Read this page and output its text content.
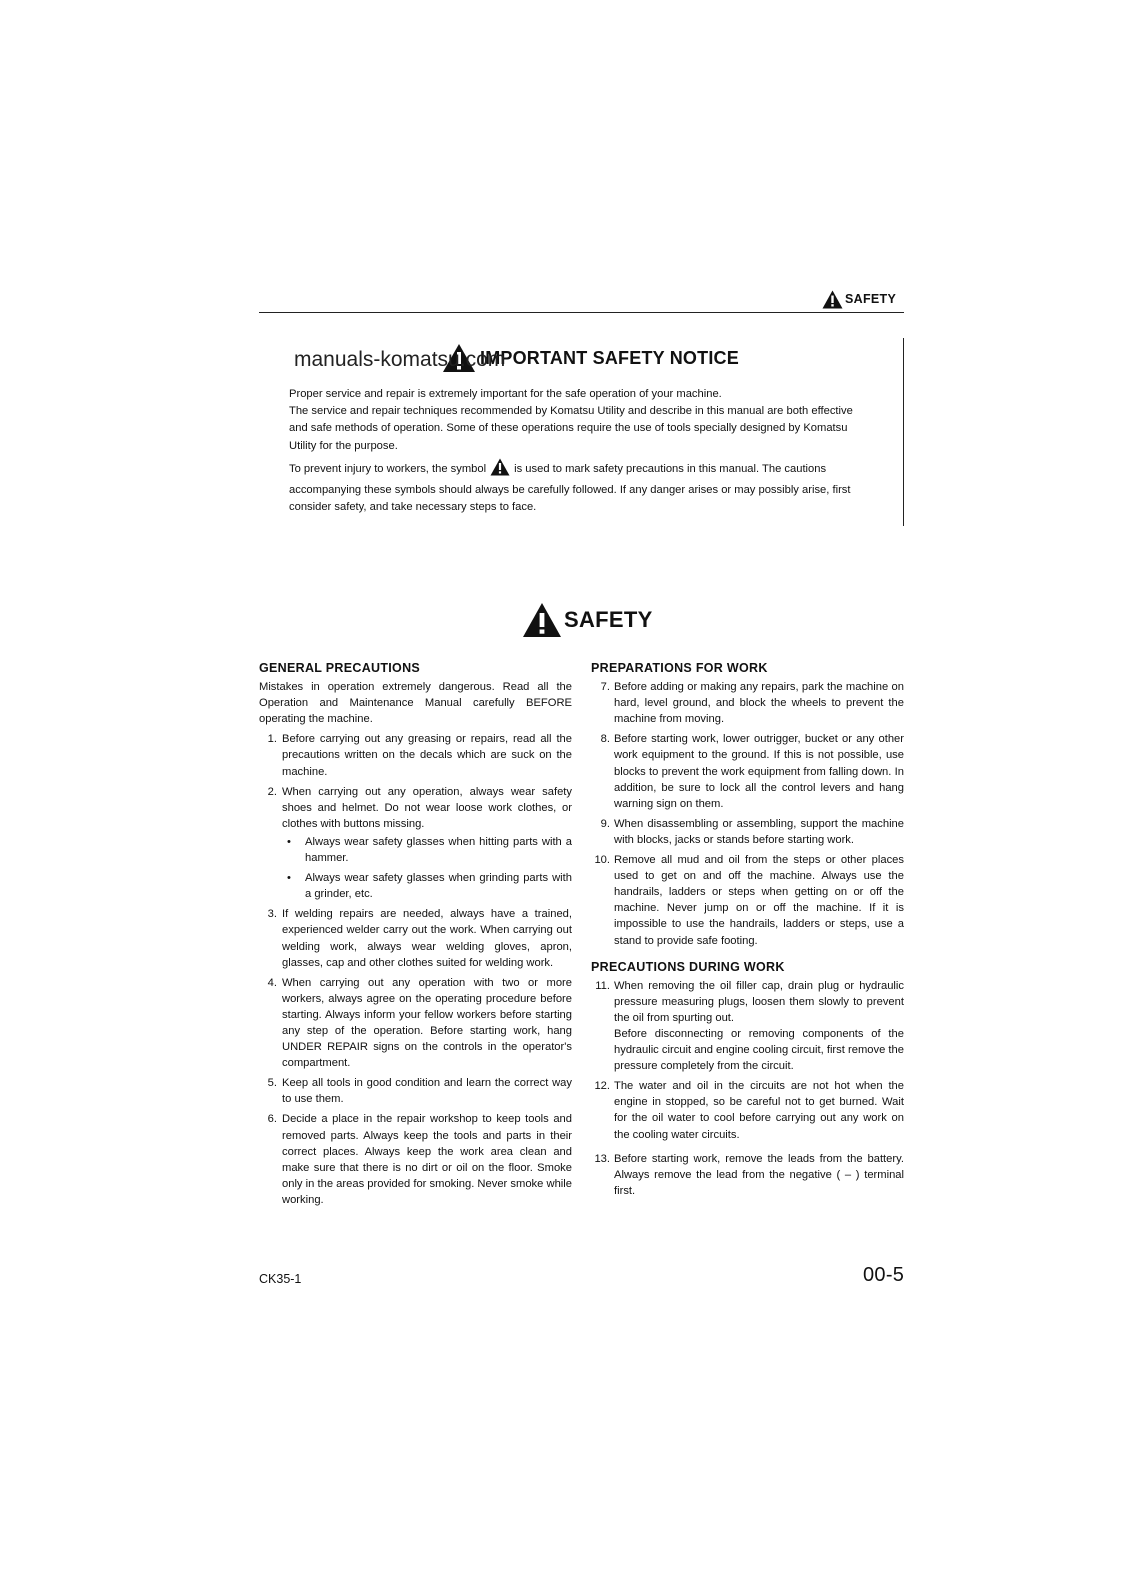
SAFETY
IMPORTANT SAFETY NOTICE
manuals-komatsu.com

Proper service and repair is extremely important for the safe operation of your machine.

The service and repair techniques recommended by Komatsu Utility and describe in this manual are both effective and safe methods of operation. Some of these operations require the use of tools specially designed by Komatsu Utility for the purpose.

To prevent injury to workers, the symbol	is used to mark safety precautions in this manual. The cautions accompanying these symbols should always be carefully followed. If any danger arises or may possibly arise, first consider safety, and take necessary steps to face.

SAFETY
GENERAL PRECAUTIONS

Mistakes in operation extremely dangerous. Read all the Operation and Maintenance Manual carefully BEFORE operating the machine.

1. Before carrying out any greasing or repairs, read all the precautions written on the decals which are suck on the machine.
2. When carrying out any operation, always wear safety shoes and helmet. Do not wear loose work clothes, or clothes with buttons missing.
• Always wear safety glasses when hitting parts with a hammer.
• Always wear safety glasses when grinding parts with a grinder, etc.
3. If welding repairs are needed, always have a trained, experienced welder carry out the work. When carrying out welding work, always wear welding gloves, apron, glasses, cap and other clothes suited for welding work.
4. When carrying out any operation with two or more workers, always agree on the operating procedure before starting. Always inform your fellow workers before starting any step of the operation. Before starting work, hang UNDER REPAIR signs on the controls in the operator's compartment.
5. Keep all tools in good condition and learn the correct way to use them.
6. Decide a place in the repair workshop to keep tools and removed parts. Always keep the tools and parts in their correct places. Always keep the work area clean and make sure that there is no dirt or oil on the floor. Smoke only in the areas provided for smoking. Never smoke while working.
PREPARATIONS FOR WORK
7. Before adding or making any repairs, park the machine on hard, level ground, and block the wheels to prevent the machine from moving.
8. Before starting work, lower outrigger, bucket or any other work equipment to the ground. If this is not possible, use blocks to prevent the work equipment from falling down. In addition, be sure to lock all the control levers and hang warning sign on them.
9. When disassembling or assembling, support the machine with blocks, jacks or stands before starting work.
10. Remove all mud and oil from the steps or other places used to get on and off the machine. Always use the handrails, ladders or steps when getting on or off the machine. Never jump on or off the machine. If it is impossible to use the handrails, ladders or steps, use a stand to provide safe footing.
PRECAUTIONS DURING WORK
11. When removing the oil filler cap, drain plug or hydraulic pressure measuring plugs, loosen them slowly to prevent the oil from spurting out.
Before disconnecting or removing components of the hydraulic circuit and engine cooling circuit, first remove the pressure completely from the circuit.
12. The water and oil in the circuits are not hot when the engine in stopped, so be careful not to get burned. Wait for the oil water to cool before carrying out any work on the cooling water circuits.
13. Before starting work, remove the leads from the battery. Always remove the lead from the negative ( – ) terminal first.
CK35-1	00-5
